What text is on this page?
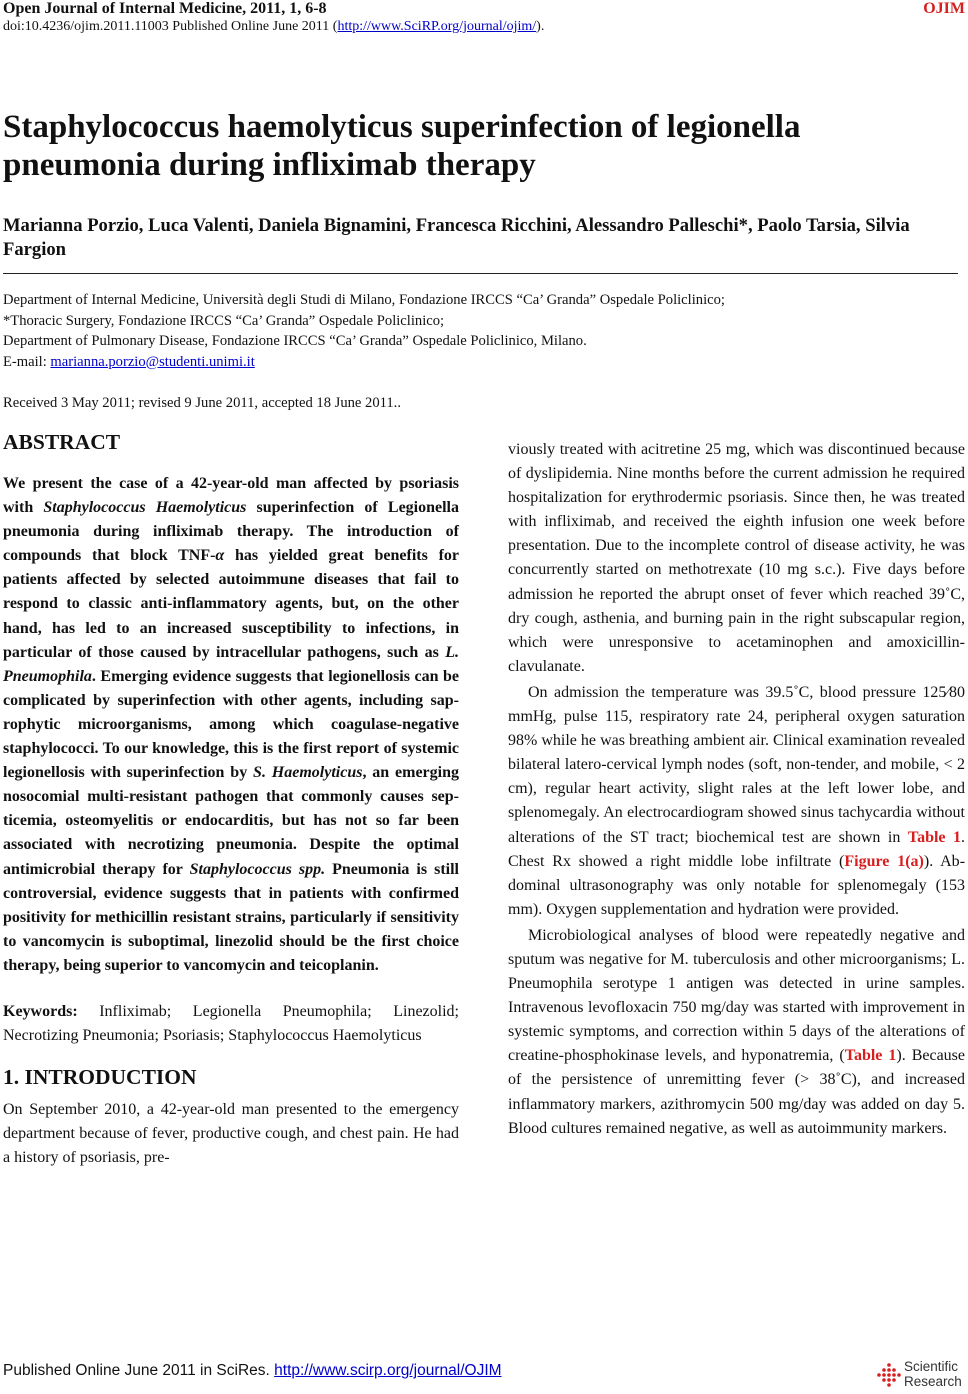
Open Journal of Internal Medicine, 2011, 1, 6-8	OJIM
doi:10.4236/ojim.2011.11003 Published Online June 2011 (http://www.SciRP.org/journal/ojim/).
Staphylococcus haemolyticus superinfection of legionella pneumonia during infliximab therapy
Marianna Porzio, Luca Valenti, Daniela Bignamini, Francesca Ricchini, Alessandro Palleschi*, Paolo Tarsia, Silvia Fargion
Department of Internal Medicine, Università degli Studi di Milano, Fondazione IRCCS “Ca’ Granda” Ospedale Policlinico;
*Thoracic Surgery, Fondazione IRCCS “Ca’ Granda” Ospedale Policlinico;
Department of Pulmonary Disease, Fondazione IRCCS “Ca’ Granda” Ospedale Policlinico, Milano.
E-mail: marianna.porzio@studenti.unimi.it
Received 3 May 2011; revised 9 June 2011, accepted 18 June 2011..
ABSTRACT
We present the case of a 42-year-old man affected by psoriasis with Staphylococcus Haemolyticus superinfection of Legionella pneumonia during infliximab therapy. The introduction of compounds that block TNF-α has yielded great benefits for patients affected by selected autoimmune diseases that fail to respond to classic anti-inflammatory agents, but, on the other hand, has led to an increased susceptibility to infections, in particular of those caused by intracellular pathogens, such as L. Pneumophila. Emerging evidence suggests that legionellosis can be complicated by superinfection with other agents, including saprophytic microorganisms, among which coagulase-negative staphylococci. To our knowledge, this is the first report of systemic legionellosis with superinfection by S. Haemolyticus, an emerging nosocomial multi-resistant pathogen that commonly causes septicemia, osteomyelitis or endocarditis, but has not so far been associated with necrotizing pneumonia. Despite the optimal antimicrobial therapy for Staphylococcus spp. Pneumonia is still controversial, evidence suggests that in patients with confirmed positivity for methicillin resistant strains, particularly if sensitivity to vancomycin is suboptimal, linezolid should be the first choice therapy, being superior to vancomycin and teicoplanin.
Keywords: Infliximab; Legionella Pneumophila; Linezolid; Necrotizing Pneumonia; Psoriasis; Staphylococcus Haemolyticus
1. INTRODUCTION

On September 2010, a 42-year-old man presented to the emergency department because of fever, productive cough, and chest pain. He had a history of psoriasis, pre-

viously treated with acitretine 25 mg, which was discontinued because of dyslipidemia. Nine months before the current admission he required hospitalization for erythrodermic psoriasis. Since then, he was treated with infliximab, and received the eighth infusion one week before presentation. Due to the incomplete control of disease activity, he was concurrently started on methotrexate (10 mg s.c.). Five days before admission he reported the abrupt onset of fever which reached 39˚C, dry cough, asthenia, and burning pain in the right subscapular region, which were unresponsive to acetaminophen and amoxicillin-clavulanate.

On admission the temperature was 39.5˚C, blood pressure 125⁄80 mmHg, pulse 115, respiratory rate 24, peripheral oxygen saturation 98% while he was breathing ambient air. Clinical examination revealed bilateral latero-cervical lymph nodes (soft, non-tender, and mobile, < 2 cm), regular heart activity, slight rales at the left lower lobe, and splenomegaly. An electrocardiogram showed sinus tachycardia without alterations of the ST tract; biochemical test are shown in Table 1. Chest Rx showed a right middle lobe infiltrate (Figure 1(a)). Abdominal ultrasonography was only notable for splenomegaly (153 mm). Oxygen supplementation and hydration were provided.

Microbiological analyses of blood were repeatedly negative and sputum was negative for M. tuberculosis and other microorganisms; L. Pneumophila serotype 1 antigen was detected in urine samples. Intravenous levofloxacin 750 mg/day was started with improvement in systemic symptoms, and correction within 5 days of the alterations of creatine-phosphokinase levels, and hyponatremia, (Table 1). Because of the persistence of unremitting fever (> 38˚C), and increased inflammatory markers, azithromycin 500 mg/day was added on day 5. Blood cultures remained negative, as well as autoimmunity markers.

Published Online June 2011 in SciRes. http://www.scirp.org/journal/OJIM	Scientific
Research
